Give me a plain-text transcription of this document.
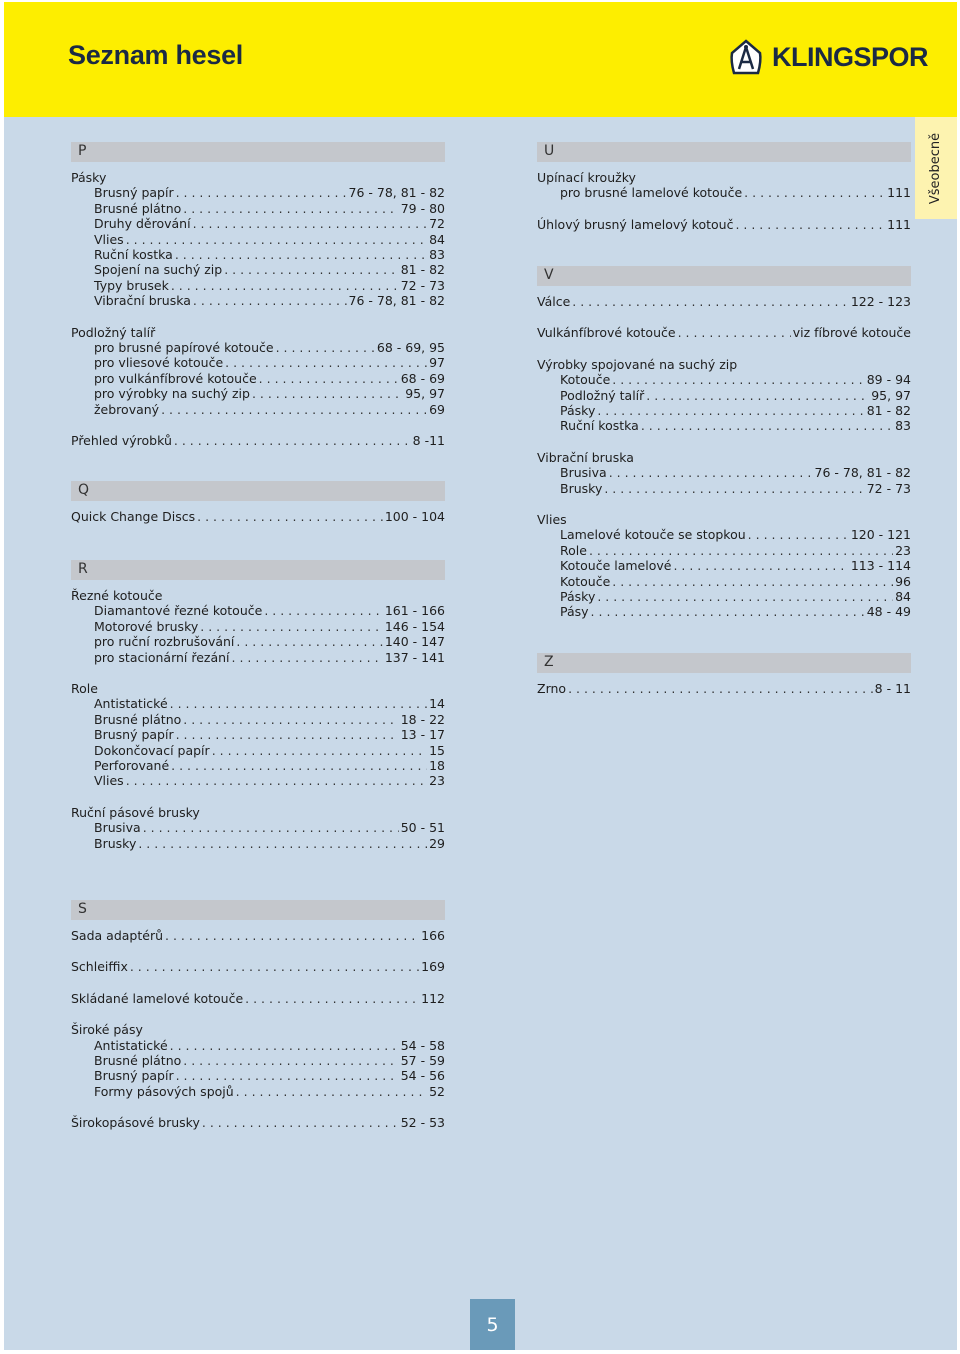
Seznam hesel	KLINGSPOR
Všeobecně
P
Pásky
Brusný papír . . .	76 - 78, 81 - 82
Brusné plátno . . .	79 - 80
Druhy děrování . . .	72
Vlies . . .	84
Ruční kostka . . .	83
Spojení na suchý zip . . .	81 - 82
Typy brusek . . .	72 - 73
Vibrační bruska . . .	76 - 78, 81 - 82
Podložný talíř
pro brusné papírové kotouče . . .	68 - 69, 95
pro vliesové kotouče . . .	97
pro vulkánfíbrové kotouče . . .	68 - 69
pro výrobky na suchý zip . . .	95, 97
žebrovaný . . .	69
Přehled výrobků . . .	8 -11
Q
Quick Change Discs . . .	100 - 104
R
Řezné kotouče
Diamantové řezné kotouče . . .	161 - 166
Motorové brusky . . .	146 - 154
pro ruční rozbrušování . . .	140 - 147
pro stacionární řezání . . .	137 - 141
Role
Antistatické . . .	14
Brusné plátno . . .	18 - 22
Brusný papír . . .	13 - 17
Dokončovací papír . . .	15
Perforované . . .	18
Vlies . . .	23
Ruční pásové brusky
Brusiva . . .	50 - 51
Brusky . . .	29
S
Sada adaptérů . . .	166
Schleiffix . . .	169
Skládané lamelové kotouče . . .	112
Široké pásy
Antistatické . . .	54 - 58
Brusné plátno . . .	57 - 59
Brusný papír . . .	54 - 56
Formy pásových spojů . . .	52
Širokopásové brusky . . .	52 - 53
U
Upínací kroužky
pro brusné lamelové kotouče . . .	111
Úhlový brusný lamelový kotouč . . .	111
V
Válce . . .	122 - 123
Vulkánfíbrové kotouče . . .	viz fíbrové kotouče
Výrobky spojované na suchý zip
Kotouče . . .	89 - 94
Podložný talíř . . .	95, 97
Pásky . . .	81 - 82
Ruční kostka . . .	83
Vibrační bruska
Brusiva . . .	76 - 78, 81 - 82
Brusky . . .	72 - 73
Vlies
Lamelové kotouče se stopkou . . .	120 - 121
Role . . .	23
Kotouče lamelové . . .	113 - 114
Kotouče . . .	96
Pásky . . .	84
Pásy . . .	48 - 49
Z
Zrno . . .	8 - 11
5
